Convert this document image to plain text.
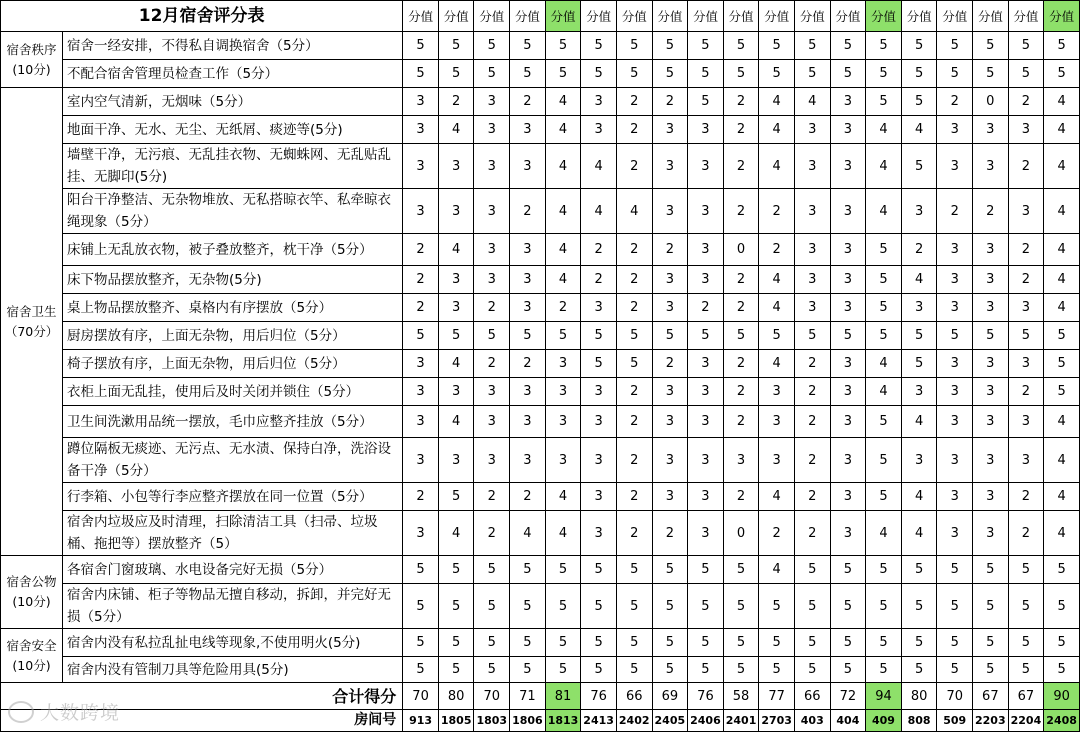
12月宿舍评分表		分值	分值	分值	分值	分值	分值	分值	分值	分值	分值	分值	分值	分值	分值	分值	分值	分值	分值	分值

宿舍秩序
(10分)	宿舍一经安排，不得私自调换宿舍（5分）	5	5	5	5	5	5	5	5	5	5	5	5	5	5	5	5	5	5	5
	不配合宿舍管理员检查工作（5分）	5	5	5	5	5	5	5	5	5	5	5	5	5	5	5	5	5	5	5

宿舍卫生
（70分）	室内空气清新，无烟味（5分）	3	2	3	2	4	3	2	2	5	2	4	4	3	5	5	2	0	2	4
	地面干净、无水、无尘、无纸屑、痰迹等(5分)	3	4	3	3	4	3	2	3	3	2	4	3	3	4	4	3	3	3	4
	墙壁干净，无污痕、无乱挂衣物、无蜘蛛网、无乱贴乱挂、无脚印(5分)	3	3	3	3	4	4	2	3	3	2	4	3	3	4	5	3	3	2	4
	阳台干净整洁、无杂物堆放、无私搭晾衣竿、私牵晾衣绳现象（5分）	3	3	3	2	4	4	4	3	3	2	2	3	3	4	3	2	2	3	4
	床铺上无乱放衣物，被子叠放整齐，枕干净（5分）	2	4	3	3	4	2	2	2	3	0	2	3	3	5	2	3	3	2	4
	床下物品摆放整齐，无杂物(5分)	2	3	3	3	4	2	2	3	3	2	4	3	3	5	4	3	3	2	4
	桌上物品摆放整齐、桌格内有序摆放（5分）	2	3	2	3	2	3	2	3	2	2	4	3	3	5	3	3	3	3	4
	厨房摆放有序，上面无杂物，用后归位（5分）	5	5	5	5	5	5	5	5	5	5	5	5	5	5	5	5	5	5	5
	椅子摆放有序，上面无杂物，用后归位（5分）	3	4	2	2	3	5	5	2	3	2	4	2	3	4	5	3	3	3	5
	衣柜上面无乱挂，使用后及时关闭并锁住（5分）	3	3	3	3	3	3	2	3	3	2	3	2	3	4	3	3	3	2	5
	卫生间洗漱用品统一摆放，毛巾应整齐挂放（5分）	3	4	3	3	3	3	2	3	3	2	3	2	3	5	4	3	3	3	4
	蹲位隔板无痰迹、无污点、无水渍、保持白净，洗浴设备干净（5分）	3	3	3	3	3	3	2	3	3	3	3	2	3	5	3	3	3	3	4
	行李箱、小包等行李应整齐摆放在同一位置（5分）	2	5	2	2	4	3	2	3	3	2	4	2	3	5	4	3	3	2	4
	宿舍内垃圾应及时清理，扫除清洁工具（扫帚、垃圾桶、拖把等）摆放整齐（5）	3	4	2	4	4	3	2	2	3	0	2	2	3	4	4	3	3	2	4

宿舍公物
(10分)	各宿舍门窗玻璃、水电设备完好无损（5分）	5	5	5	5	5	5	5	5	5	5	4	5	5	5	5	5	5	5	5
	宿舍内床铺、柜子等物品无擅自移动，拆卸，并完好无损（5分）	5	5	5	5	5	5	5	5	5	5	5	5	5	5	5	5	5	5	5

宿舍安全
(10分)	宿舍内没有私拉乱扯电线等现象,不使用明火(5分)	5	5	5	5	5	5	5	5	5	5	5	5	5	5	5	5	5	5	5
	宿舍内没有管制刀具等危险用具(5分)	5	5	5	5	5	5	5	5	5	5	5	5	5	5	5	5	5	5	5
合计得分		70	80	70	71	81	76	66	69	76	58	77	66	72	94	80	70	67	67	90
房间号		913	1805	1803	1806	1813	2413	2402	2405	2406	2401	2703	403	404	409	808	509	2203	2204	2408
大数跨境
